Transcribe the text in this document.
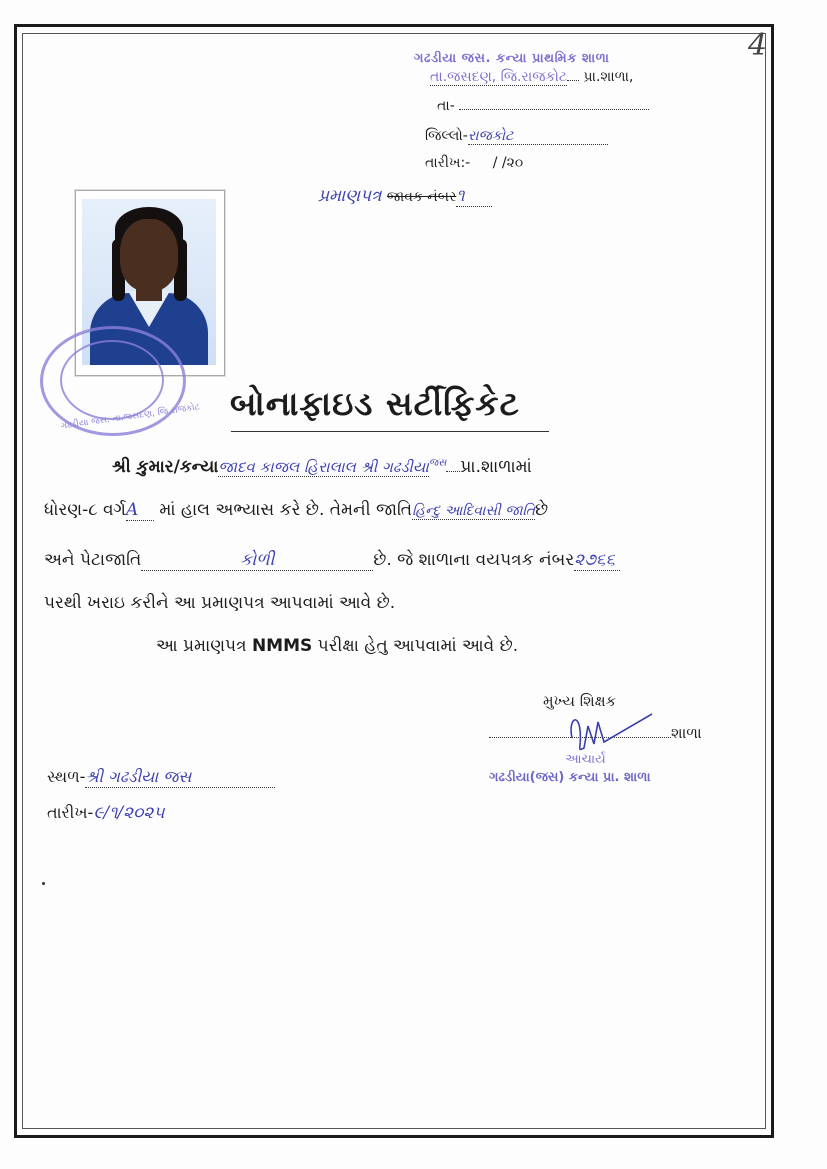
4
ગઢડીયા જસ. કન્યા પ્રાથમિક શાળા
તા.જસદણ, જિ.રાજકોટ પ્રા.શાળા,
તા-
જિલ્લો-રાજકોટ
તારીખ:- / /૨૦
પ્રમાણપત્ર જાવક નંબર૧
ગઢડીયા જસ. તા.જસદણ, જિ.રાજકોટ બોનાફાઇડ સર્ટીફિકેટ
શ્રી કુમાર/કન્યાજાદવ કાજલ હિરાલાલ શ્રી ગઢડીયા$^{જસ}$ પ્રા.શાળામાં
ધોરણ-૮ વર્ગA માં હાલ અભ્યાસ કરે છે. તેમની જાતિહિન્દુ આદિવાસી જાતિછે
અને પેટાજાતિ	કોળી	છે. જે શાળાના વયપત્રક નંબર૨૭૬૬
પરથી ખરાઇ કરીને આ પ્રમાણપત્ર આપવામાં આવે છે.
આ પ્રમાણપત્ર NMMS પરીક્ષા હેતુ આપવામાં આવે છે.
મુખ્ય શિક્ષક
શાળા
આચાર્ય
ગઢડીયા(જસ) કન્યા પ્રા. શાળા
સ્થળ-શ્રી ગઢડીયા જસ
તારીખ-૯/૧/૨૦૨૫
